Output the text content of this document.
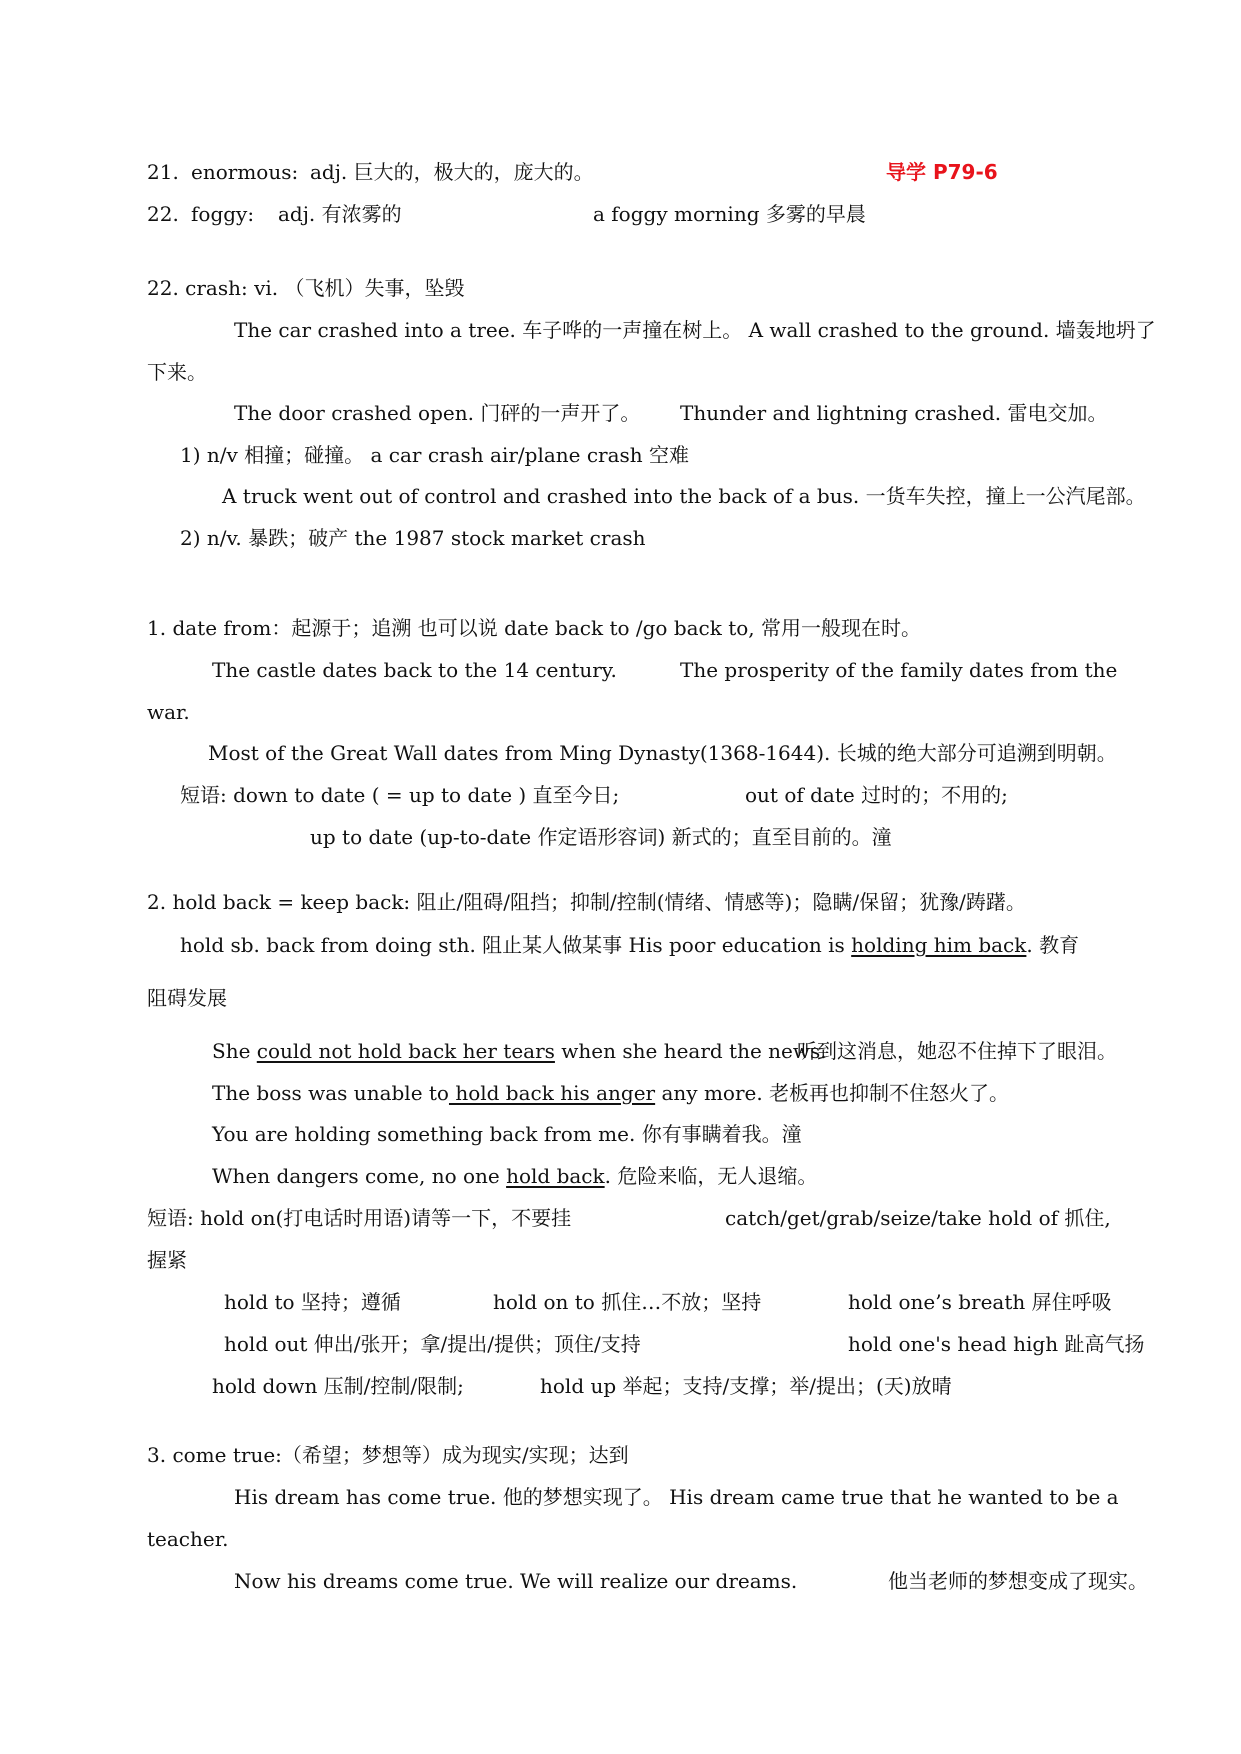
21. enormous: adj. 巨大的，极大的，庞大的。	导学 P79-6
22. foggy: adj. 有浓雾的	a foggy morning 多雾的早晨
22. crash: vi. （飞机）失事，坠毁
The car crashed into a tree. 车子哗的一声撞在树上。 A wall crashed to the ground. 墙轰地坍了
下来。
The door crashed open. 门砰的一声开了。 Thunder and lightning crashed. 雷电交加。
1) n/v 相撞；碰撞。 a car crash air/plane crash 空难
A truck went out of control and crashed into the back of a bus. 一货车失控，撞上一公汽尾部。
2) n/v. 暴跌；破产 the 1987 stock market crash
1. date from：起源于；追溯 也可以说 date back to /go back to, 常用一般现在时。
The castle dates back to the 14 century.	The prosperity of the family dates from the
war.
Most of the Great Wall dates from Ming Dynasty(1368-1644). 长城的绝大部分可追溯到明朝。
短语: down to date ( = up to date ) 直至今日;	out of date 过时的；不用的;
up to date (up-to-date 作定语形容词) 新式的；直至目前的。潼
2. hold back = keep back: 阻止/阻碍/阻挡；抑制/控制(情绪、情感等)；隐瞒/保留；犹豫/踌躇。
hold sb. back from doing sth. 阻止某人做某事 His poor education is holding him back. 教育
阻碍发展
She could not hold back her tears when she heard the news.
听到这消息，她忍不住掉下了眼泪。
The boss was unable to hold back his anger any more. 老板再也抑制不住怒火了。
You are holding something back from me. 你有事瞒着我。潼
When dangers come, no one hold back. 危险来临，无人退缩。
短语: hold on(打电话时用语)请等一下，不要挂	catch/get/grab/seize/take hold of 抓住,
握紧
hold to 坚持；遵循	hold on to 抓住…不放；坚持	hold one’s breath 屏住呼吸
hold out 伸出/张开；拿/提出/提供；顶住/支持	hold one's head high 趾高气扬
hold down 压制/控制/限制;	hold up 举起；支持/支撑；举/提出；(天)放晴
3. come true:（希望；梦想等）成为现实/实现；达到
His dream has come true. 他的梦想实现了。 His dream came true that he wanted to be a
teacher.
Now his dreams come true. We will realize our dreams.	他当老师的梦想变成了现实。
